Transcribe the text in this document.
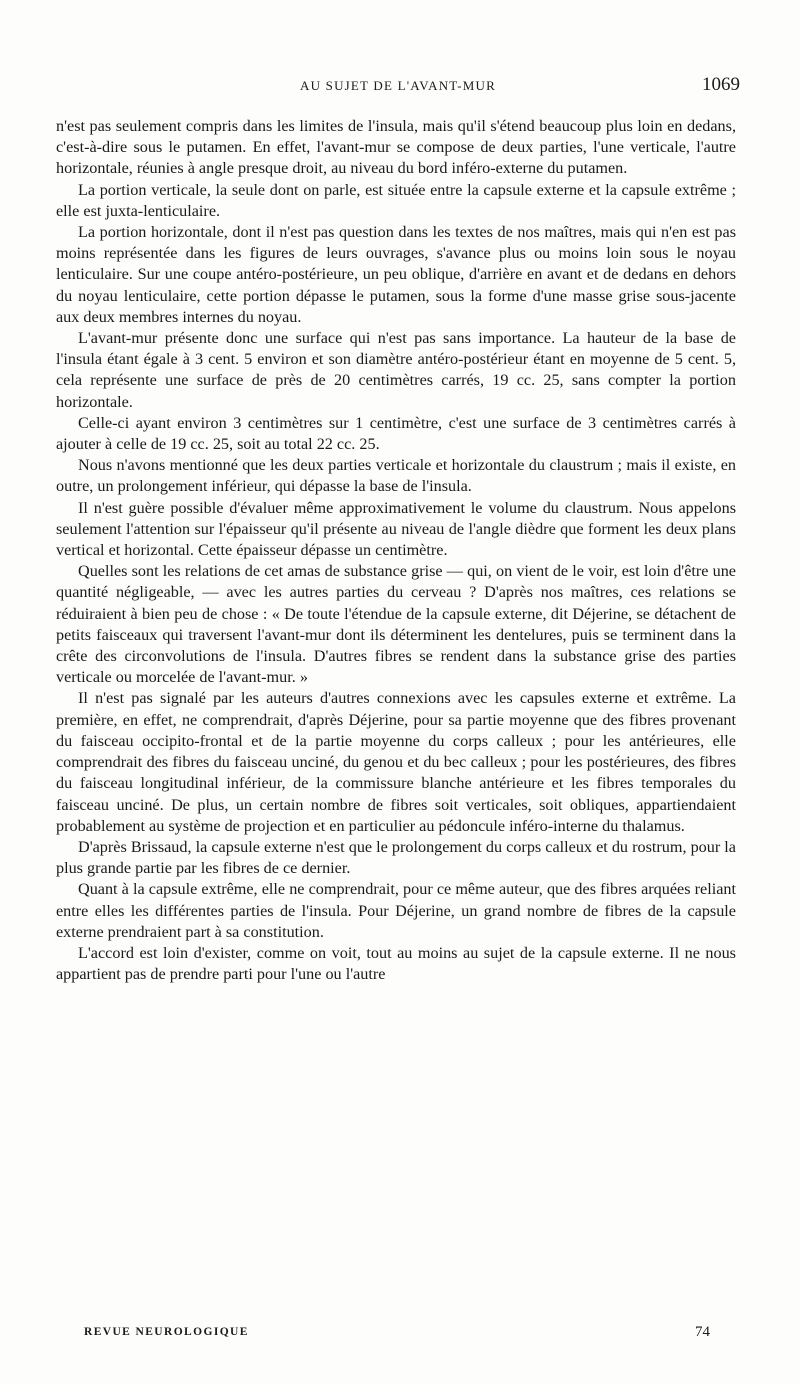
AU SUJET DE L'AVANT-MUR	1069

n'est pas seulement compris dans les limites de l'insula, mais qu'il s'étend beaucoup plus loin en dedans, c'est-à-dire sous le putamen. En effet, l'avant-mur se compose de deux parties, l'une verticale, l'autre horizontale, réunies à angle presque droit, au niveau du bord inféro-externe du putamen.

La portion verticale, la seule dont on parle, est située entre la capsule externe et la capsule extrême ; elle est juxta-lenticulaire.

La portion horizontale, dont il n'est pas question dans les textes de nos maîtres, mais qui n'en est pas moins représentée dans les figures de leurs ouvrages, s'avance plus ou moins loin sous le noyau lenticulaire. Sur une coupe antéro-postérieure, un peu oblique, d'arrière en avant et de dedans en dehors du noyau lenticulaire, cette portion dépasse le putamen, sous la forme d'une masse grise sous-jacente aux deux membres internes du noyau.

L'avant-mur présente donc une surface qui n'est pas sans importance. La hauteur de la base de l'insula étant égale à 3 cent. 5 environ et son diamètre antéro-postérieur étant en moyenne de 5 cent. 5, cela représente une surface de près de 20 centimètres carrés, 19 cc. 25, sans compter la portion horizontale.

Celle-ci ayant environ 3 centimètres sur 1 centimètre, c'est une surface de 3 centimètres carrés à ajouter à celle de 19 cc. 25, soit au total 22 cc. 25.

Nous n'avons mentionné que les deux parties verticale et horizontale du claustrum ; mais il existe, en outre, un prolongement inférieur, qui dépasse la base de l'insula.

Il n'est guère possible d'évaluer même approximativement le volume du claustrum. Nous appelons seulement l'attention sur l'épaisseur qu'il présente au niveau de l'angle dièdre que forment les deux plans vertical et horizontal. Cette épaisseur dépasse un centimètre.

Quelles sont les relations de cet amas de substance grise — qui, on vient de le voir, est loin d'être une quantité négligeable, — avec les autres parties du cerveau ? D'après nos maîtres, ces relations se réduiraient à bien peu de chose : « De toute l'étendue de la capsule externe, dit Déjerine, se détachent de petits faisceaux qui traversent l'avant-mur dont ils déterminent les dentelures, puis se terminent dans la crête des circonvolutions de l'insula. D'autres fibres se rendent dans la substance grise des parties verticale ou morcelée de l'avant-mur. »

Il n'est pas signalé par les auteurs d'autres connexions avec les capsules externe et extrême. La première, en effet, ne comprendrait, d'après Déjerine, pour sa partie moyenne que des fibres provenant du faisceau occipito-frontal et de la partie moyenne du corps calleux ; pour les antérieures, elle comprendrait des fibres du faisceau unciné, du genou et du bec calleux ; pour les postérieures, des fibres du faisceau longitudinal inférieur, de la commissure blanche antérieure et les fibres temporales du faisceau unciné. De plus, un certain nombre de fibres soit verticales, soit obliques, appartiendaient probablement au système de projection et en particulier au pédoncule inféro-interne du thalamus.

D'après Brissaud, la capsule externe n'est que le prolongement du corps calleux et du rostrum, pour la plus grande partie par les fibres de ce dernier.

Quant à la capsule extrême, elle ne comprendrait, pour ce même auteur, que des fibres arquées reliant entre elles les différentes parties de l'insula. Pour Déjerine, un grand nombre de fibres de la capsule externe prendraient part à sa constitution.

L'accord est loin d'exister, comme on voit, tout au moins au sujet de la capsule externe. Il ne nous appartient pas de prendre parti pour l'une ou l'autre

REVUE NEUROLOGIQUE	74
